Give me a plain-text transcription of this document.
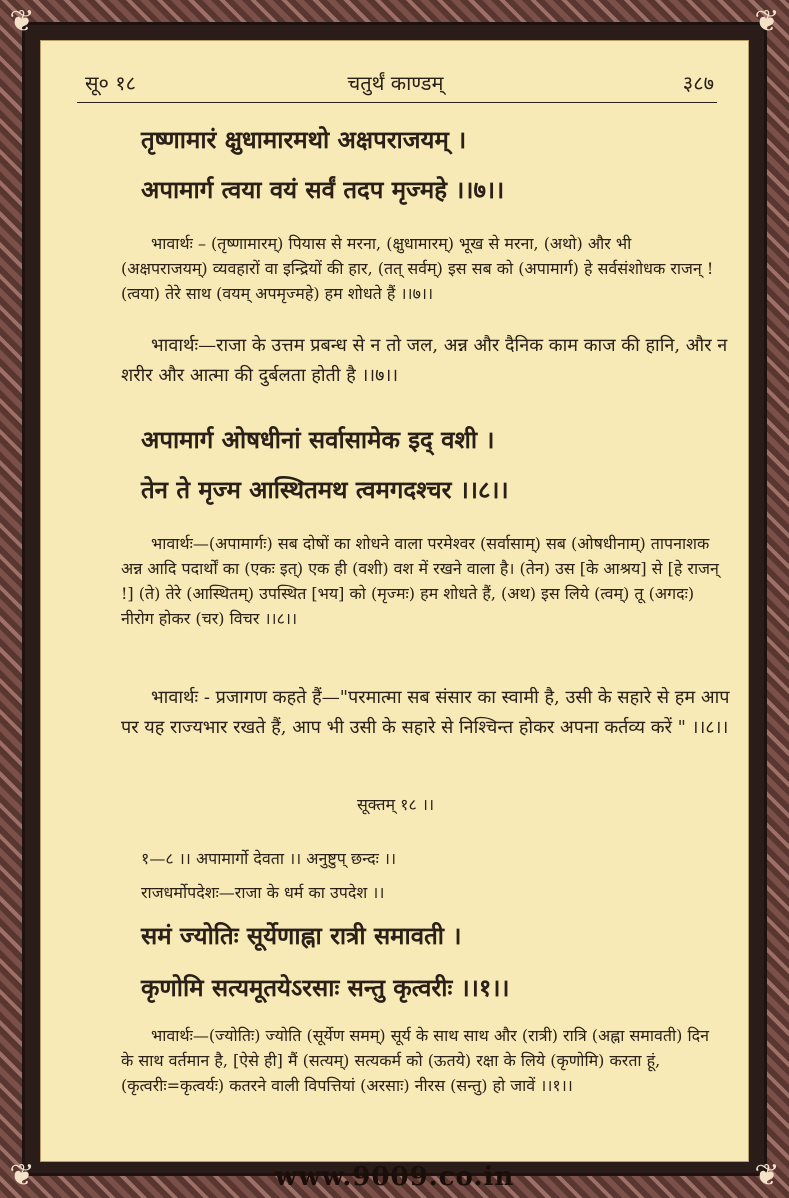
❦	❦
❦	❦
सू० १८	चतुर्थं काण्डम्	३८७
तृष्णामारं क्षुधामारमथो अक्षपराजयम् ।
अपामार्ग त्वया वयं सर्वं तदप मृज्महे ।।७।।
भावार्थः – (तृष्णामारम्) पियास से मरना, (क्षुधामारम्) भूख से मरना, (अथो) और भी (अक्षपराजयम्) व्यवहारों वा इन्द्रियों की हार, (तत् सर्वम्) इस सब को (अपामार्ग) हे सर्वसंशोधक राजन् ! (त्वया) तेरे साथ (वयम् अपमृज्महे) हम शोधते हैं ।।७।।
भावार्थः—राजा के उत्तम प्रबन्ध से न तो जल, अन्न और दैनिक काम काज की हानि, और न शरीर और आत्मा की दुर्बलता होती है ।।७।।
अपामार्ग ओषधीनां सर्वासामेक इद् वशी ।
तेन ते मृज्म आस्थितमथ त्वमगदश्चर ।।८।।
भावार्थः—(अपामार्गः) सब दोषों का शोधने वाला परमेश्वर (सर्वासाम्) सब (ओषधीनाम्) तापनाशक अन्न आदि पदार्थों का (एकः इत्) एक ही (वशी) वश में रखने वाला है। (तेन) उस [के आश्रय] से [हे राजन् !] (ते) तेरे (आस्थितम्) उपस्थित [भय] को (मृज्मः) हम शोधते हैं, (अथ) इस लिये (त्वम्) तू (अगदः) नीरोग होकर (चर) विचर ।।८।।
भावार्थः - प्रजागण कहते हैं—"परमात्मा सब संसार का स्वामी है, उसी के सहारे से हम आप पर यह राज्यभार रखते हैं, आप भी उसी के सहारे से निश्चिन्त होकर अपना कर्तव्य करें " ।।८।।
सूक्तम् १८ ।।
१—८ ।। अपामार्गो देवता ।। अनुष्टुप् छन्दः ।।
राजधर्मोपदेशः—राजा के धर्म का उपदेश ।।
समं ज्योतिः सूर्येणाह्ना रात्री समावती ।
कृणोमि सत्यमूतयेऽरसाः सन्तु कृत्वरीः ।।१।।
भावार्थः—(ज्योतिः) ज्योति (सूर्येण समम्) सूर्य के साथ साथ और (रात्री) रात्रि (अह्ना समावती) दिन के साथ वर्तमान है, [ऐसे ही] मैं (सत्यम्) सत्यकर्म को (ऊतये) रक्षा के लिये (कृणोमि) करता हूं, (कृत्वरीः=कृत्वर्यः) कतरने वाली विपत्तियां (अरसाः) नीरस (सन्तु) हो जावें ।।१।।
www.9009.co.in
